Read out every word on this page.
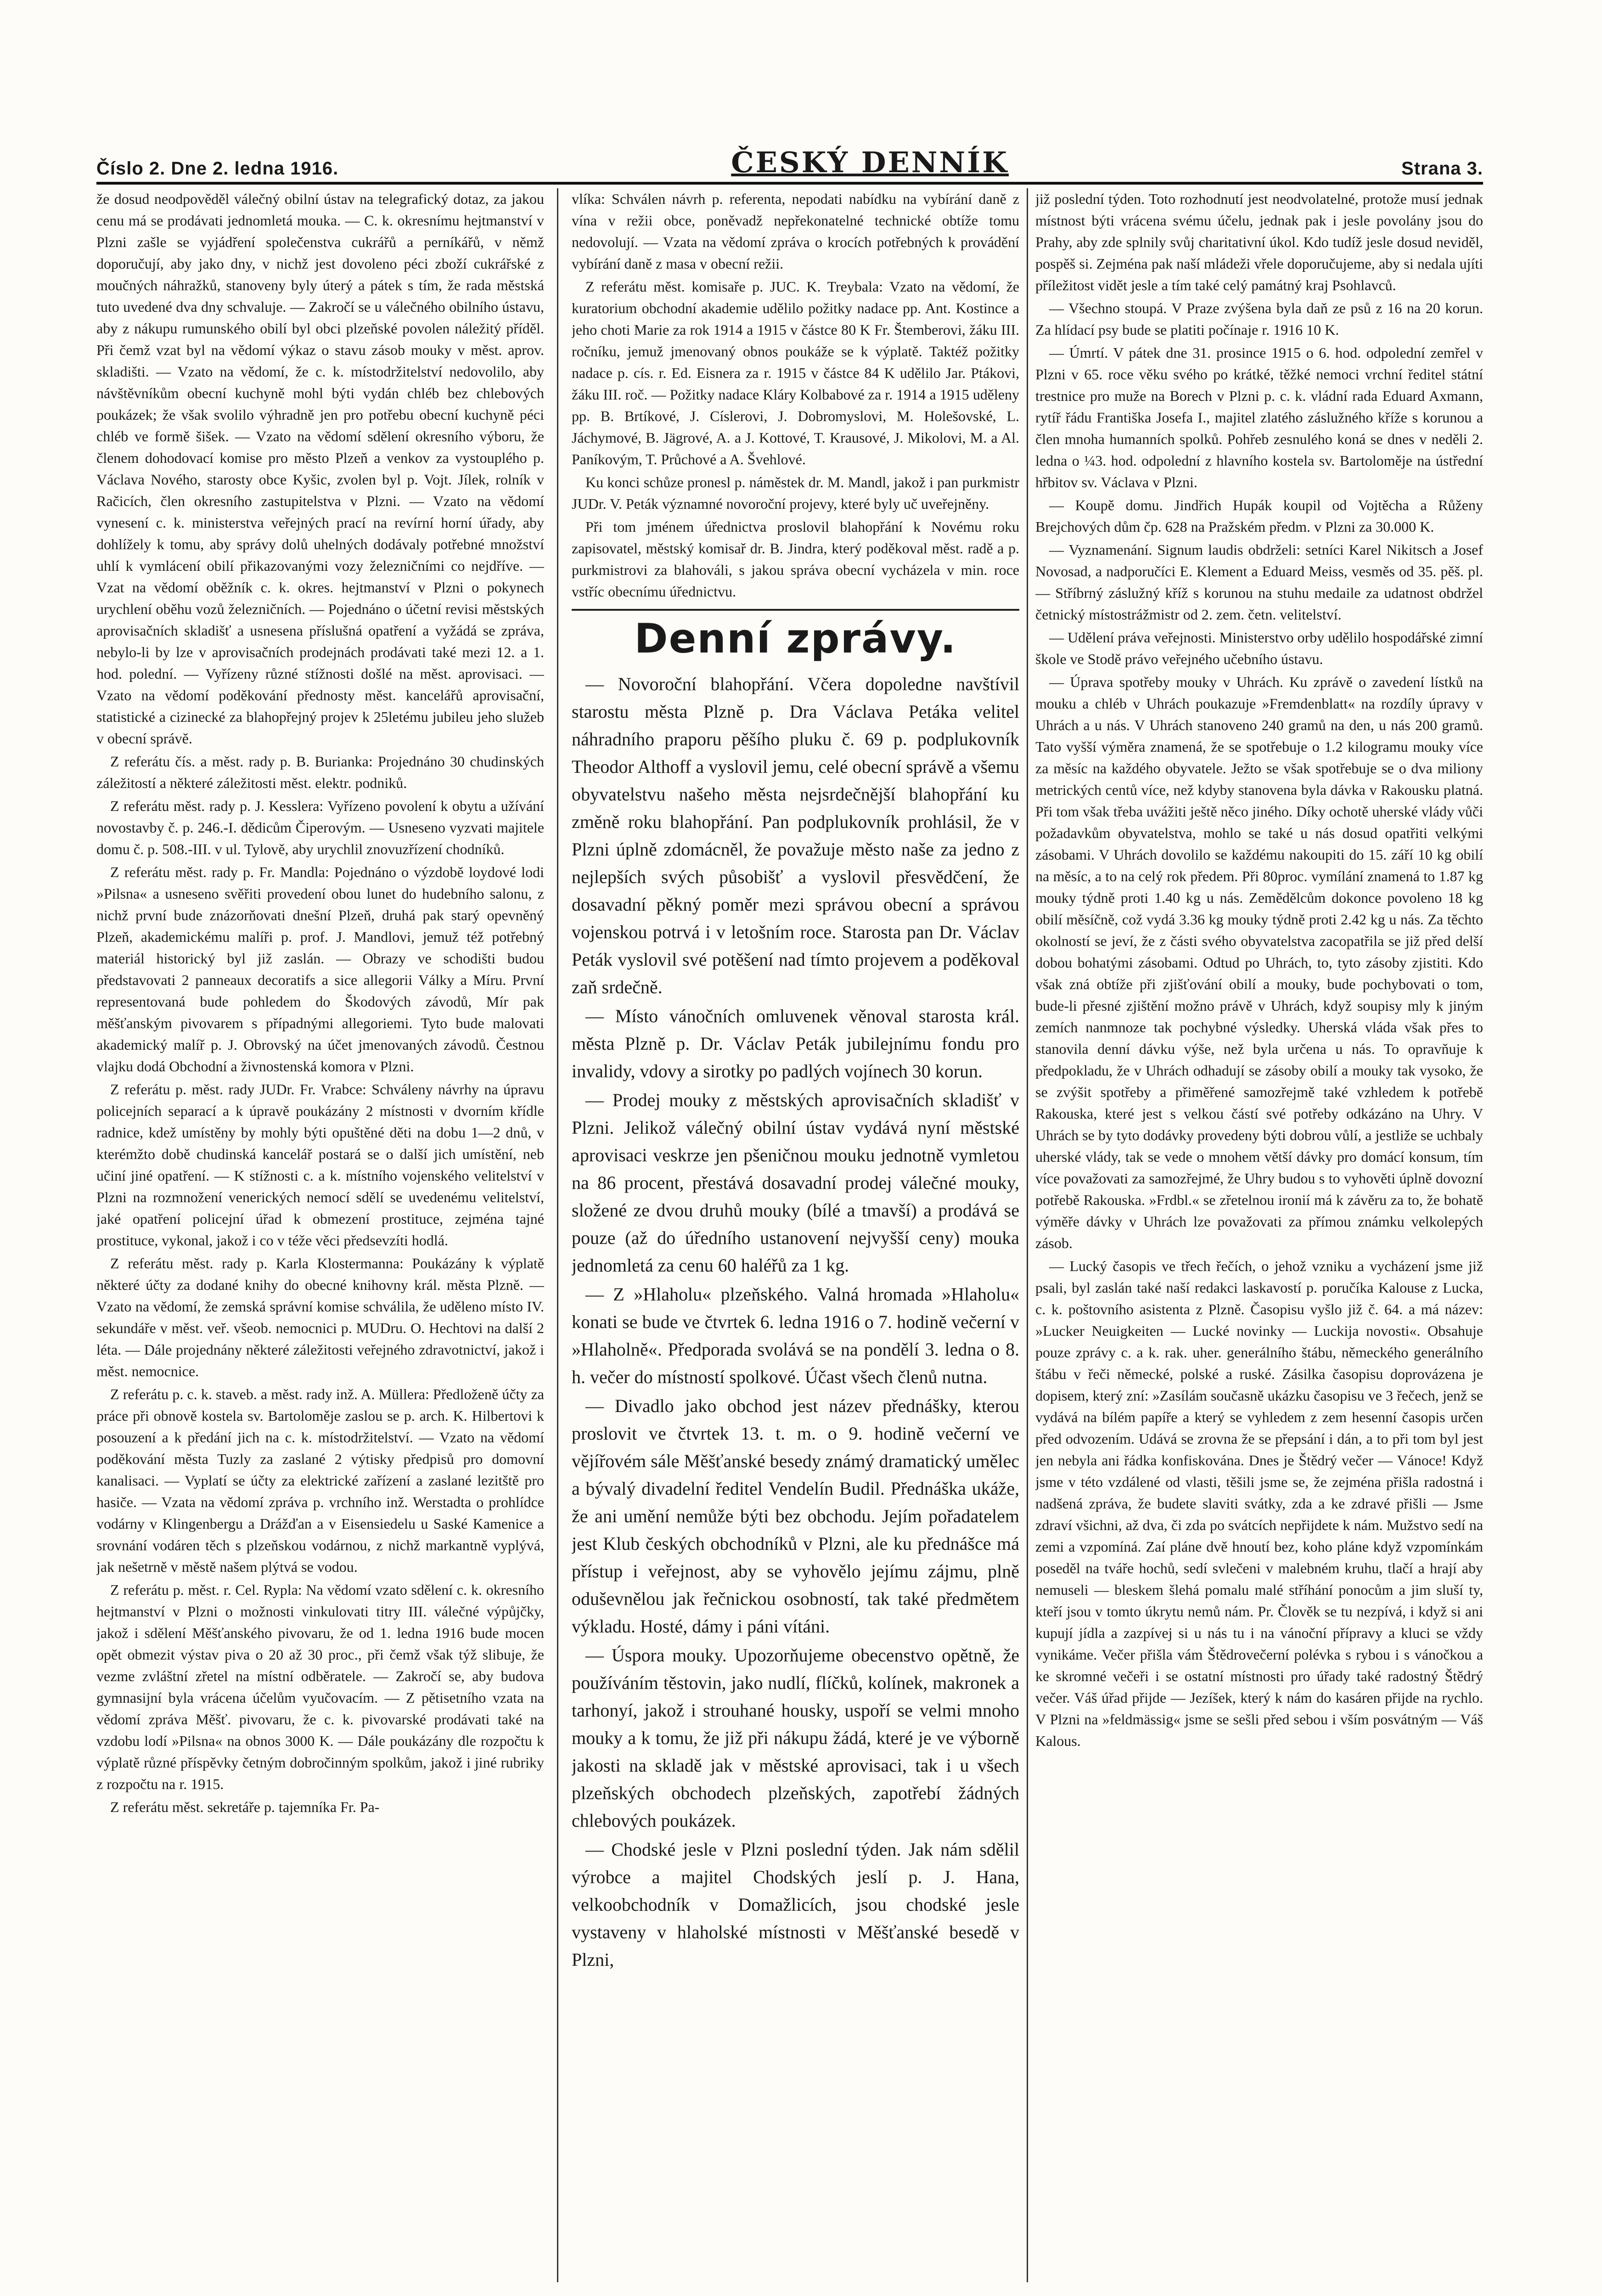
Číslo 2. Dne 2. ledna 1916.	ČESKÝ DENNÍK	Strana 3.

že dosud neodpověděl válečný obilní ústav na telegrafický dotaz, za jakou cenu má se prodávati jednomletá mouka. — C. k. okresnímu hejtmanství v Plzni zašle se vyjádření společenstva cukrářů a perníkářů, v němž doporučují, aby jako dny, v nichž jest dovoleno péci zboží cukrářské z moučných náhražků, stanoveny byly úterý a pátek s tím, že rada městská tuto uvedené dva dny schvaluje. — Zakročí se u válečného obilního ústavu, aby z nákupu rumunského obilí byl obci plzeňské povolen náležitý příděl. Při čemž vzat byl na vědomí výkaz o stavu zásob mouky v měst. aprov. skladišti. — Vzato na vědomí, že c. k. místodržitelství nedovolilo, aby návštěvníkům obecní kuchyně mohl býti vydán chléb bez chlebových poukázek; že však svolilo výhradně jen pro potřebu obecní kuchyně péci chléb ve formě šišek. — Vzato na vědomí sdělení okresního výboru, že členem dohodovací komise pro město Plzeň a venkov za vystouplého p. Václava Nového, starosty obce Kyšic, zvolen byl p. Vojt. Jílek, rolník v Račicích, člen okresního zastupitelstva v Plzni. — Vzato na vědomí vynesení c. k. ministerstva veřejných prací na revírní horní úřady, aby dohlížely k tomu, aby správy dolů uhelných dodávaly potřebné množství uhlí k vymlácení obilí přikazovanými vozy železničními co nejdříve. — Vzat na vědomí oběžník c. k. okres. hejtmanství v Plzni o pokynech urychlení oběhu vozů železničních. — Pojednáno o účetní revisi městských aprovisačních skladišť a usnesena příslušná opatření a vyžádá se zpráva, nebylo-li by lze v aprovisačních prodejnách prodávati také mezi 12. a 1. hod. polední. — Vyřízeny různé stížnosti došlé na měst. aprovisaci. — Vzato na vědomí poděkování přednosty měst. kancelářů aprovisační, statistické a cizinecké za blahopřejný projev k 25letému jubileu jeho služeb v obecní správě.

Z referátu čís. a měst. rady p. B. Burianka: Projednáno 30 chudinských záležitostí a některé záležitosti měst. elektr. podniků.

Z referátu měst. rady p. J. Kesslera: Vyřízeno povolení k obytu a užívání novostavby č. p. 246.-I. dědicům Čiperovým. — Usneseno vyzvati majitele domu č. p. 508.-III. v ul. Tylově, aby urychlil znovuzřízení chodníků.

Z referátu měst. rady p. Fr. Mandla: Pojednáno o výzdobě loydové lodi »Pilsna« a usneseno svěřiti provedení obou lunet do hudebního salonu, z nichž první bude znázorňovati dnešní Plzeň, druhá pak starý opevněný Plzeň, akademickému malíři p. prof. J. Mandlovi, jemuž též potřebný materiál historický byl již zaslán. — Obrazy ve schodišti budou představovati 2 panneaux decoratifs a sice allegorii Války a Míru. První representovaná bude pohledem do Škodových závodů, Mír pak měšťanským pivovarem s případnými allegoriemi. Tyto bude malovati akademický malíř p. J. Obrovský na účet jmenovaných závodů. Čestnou vlajku dodá Obchodní a živnostenská komora v Plzni.

Z referátu p. měst. rady JUDr. Fr. Vrabce: Schváleny návrhy na úpravu policejních separací a k úpravě poukázány 2 místnosti v dvorním křídle radnice, kdež umístěny by mohly býti opuštěné děti na dobu 1—2 dnů, v kterémžto době chudinská kancelář postará se o další jich umístění, neb učiní jiné opatření. — K stížnosti c. a k. místního vojenského velitelství v Plzni na rozmnožení venerických nemocí sdělí se uvedenému velitelství, jaké opatření policejní úřad k obmezení prostituce, zejména tajné prostituce, vykonal, jakož i co v téže věci předsevzíti hodlá.

Z referátu měst. rady p. Karla Klostermanna: Poukázány k výplatě některé účty za dodané knihy do obecné knihovny král. města Plzně. — Vzato na vědomí, že zemská správní komise schválila, že uděleno místo IV. sekundáře v měst. veř. všeob. nemocnici p. MUDru. O. Hechtovi na další 2 léta. — Dále projednány některé záležitosti veřejného zdravotnictví, jakož i měst. nemocnice.

Z referátu p. c. k. staveb. a měst. rady inž. A. Müllera: Předloženě účty za práce při obnově kostela sv. Bartoloměje zaslou se p. arch. K. Hilbertovi k posouzení a k předání jich na c. k. místodržitelství. — Vzato na vědomí poděkování města Tuzly za zaslané 2 výtisky předpisů pro domovní kanalisaci. — Vyplatí se účty za elektrické zařízení a zaslané lezitště pro hasiče. — Vzata na vědomí zpráva p. vrchního inž. Werstadta o prohlídce vodárny v Klingenbergu a Drážďan a v Eisensiedelu u Saské Kamenice a srovnání vodáren těch s plzeňskou vodárnou, z nichž markantně vyplývá, jak nešetrně v městě našem plýtvá se vodou.

Z referátu p. měst. r. Cel. Rypla: Na vědomí vzato sdělení c. k. okresního hejtmanství v Plzni o možnosti vinkulovati titry III. válečné výpůjčky, jakož i sdělení Měšťanského pivovaru, že od 1. ledna 1916 bude mocen opět obmezit výstav piva o 20 až 30 proc., při čemž však týž slibuje, že vezme zvláštní zřetel na místní odběratele. — Zakročí se, aby budova gymnasijní byla vrácena účelům vyučovacím. — Z pětisetního vzata na vědomí zpráva Měšť. pivovaru, že c. k. pivovarské prodávati také na vzdobu lodí »Pilsna« na obnos 3000 K. — Dále poukázány dle rozpočtu k výplatě různé příspěvky četným dobročinným spolkům, jakož i jiné rubriky z rozpočtu na r. 1915.

Z referátu měst. sekretáře p. tajemníka Fr. Pa-

vlíka: Schválen návrh p. referenta, nepodati nabídku na vybírání daně z vína v režii obce, poněvadž nepřekonatelné technické obtíže tomu nedovolují. — Vzata na vědomí zpráva o krocích potřebných k provádění vybírání daně z masa v obecní režii.

Z referátu měst. komisaře p. JUC. K. Treybala: Vzato na vědomí, že kuratorium obchodní akademie udělilo požitky nadace pp. Ant. Kostince a jeho choti Marie za rok 1914 a 1915 v částce 80 K Fr. Štemberovi, žáku III. ročníku, jemuž jmenovaný obnos poukáže se k výplatě. Taktéž požitky nadace p. cís. r. Ed. Eisnera za r. 1915 v částce 84 K udělilo Jar. Ptákovi, žáku III. roč. — Požitky nadace Kláry Kolbabové za r. 1914 a 1915 uděleny pp. B. Brtíkové, J. Císlerovi, J. Dobromyslovi, M. Holešovské, L. Jáchymové, B. Jägrové, A. a J. Kottové, T. Krausové, J. Mikolovi, M. a Al. Paníkovým, T. Průchové a A. Švehlové.

Ku konci schůze pronesl p. náměstek dr. M. Mandl, jakož i pan purkmistr JUDr. V. Peták významné novoroční projevy, které byly uč uveřejněny.

Při tom jménem úřednictva proslovil blahopřání k Novému roku zapisovatel, městský komisař dr. B. Jindra, který poděkoval měst. radě a p. purkmistrovi za blahováli, s jakou správa obecní vycházela v min. roce vstříc obecnímu úřednictvu.

Denní zprávy.

— Novoroční blahopřání. Včera dopoledne navštívil starostu města Plzně p. Dra Václava Petáka velitel náhradního praporu pěšího pluku č. 69 p. podplukovník Theodor Althoff a vyslovil jemu, celé obecní správě a všemu obyvatelstvu našeho města nejsrdečnější blahopřání ku změně roku blahopřání. Pan podplukovník prohlásil, že v Plzni úplně zdomácněl, že považuje město naše za jedno z nejlepších svých působišť a vyslovil přesvědčení, že dosavadní pěkný poměr mezi správou obecní a správou vojenskou potrvá i v letošním roce. Starosta pan Dr. Václav Peták vyslovil své potěšení nad tímto projevem a poděkoval zaň srdečně.

— Místo vánočních omluvenek věnoval starosta král. města Plzně p. Dr. Václav Peták jubilejnímu fondu pro invalidy, vdovy a sirotky po padlých vojínech 30 korun.

— Prodej mouky z městských aprovisačních skladišť v Plzni. Jelikož válečný obilní ústav vydává nyní městské aprovisaci veskrze jen pšeničnou mouku jednotně vymletou na 86 procent, přestává dosavadní prodej válečné mouky, složené ze dvou druhů mouky (bílé a tmavší) a prodává se pouze (až do úředního ustanovení nejvyšší ceny) mouka jednomletá za cenu 60 haléřů za 1 kg.

— Z »Hlaholu« plzeňského. Valná hromada »Hlaholu« konati se bude ve čtvrtek 6. ledna 1916 o 7. hodině večerní v »Hlaholně«. Předporada svolává se na pondělí 3. ledna o 8. h. večer do místností spolkové. Účast všech členů nutna.

— Divadlo jako obchod jest název přednášky, kterou proslovit ve čtvrtek 13. t. m. o 9. hodině večerní ve vějířovém sále Měšťanské besedy známý dramatický umělec a bývalý divadelní ředitel Vendelín Budil. Přednáška ukáže, že ani umění nemůže býti bez obchodu. Jejím pořadatelem jest Klub českých obchodníků v Plzni, ale ku přednášce má přístup i veřejnost, aby se vyhovělo jejímu zájmu, plně oduševnělou jak řečnickou osobností, tak také předmětem výkladu. Hosté, dámy i páni vítáni.

— Úspora mouky. Upozorňujeme obecenstvo opětně, že používáním těstovin, jako nudlí, flíčků, kolínek, makronek a tarhonyí, jakož i strouhané housky, uspoří se velmi mnoho mouky a k tomu, že již při nákupu žádá, které je ve výborně jakosti na skladě jak v městské aprovisaci, tak i u všech plzeňských obchodech plzeňských, zapotřebí žádných chlebových poukázek.

— Chodské jesle v Plzni poslední týden. Jak nám sdělil výrobce a majitel Chodských jeslí p. J. Hana, velkoobchodník v Domažlicích, jsou chodské jesle vystaveny v hlaholské místnosti v Měšťanské besedě v Plzni,

již poslední týden. Toto rozhodnutí jest neodvolatelné, protože musí jednak místnost býti vrácena svému účelu, jednak pak i jesle povolány jsou do Prahy, aby zde splnily svůj charitativní úkol. Kdo tudíž jesle dosud neviděl, pospěš si. Zejména pak naší mládeži vřele doporučujeme, aby si nedala ujíti příležitost vidět jesle a tím také celý památný kraj Psohlavců.

— Všechno stoupá. V Praze zvýšena byla daň ze psů z 16 na 20 korun. Za hlídací psy bude se platiti počínaje r. 1916 10 K.

— Úmrtí. V pátek dne 31. prosince 1915 o 6. hod. odpolední zemřel v Plzni v 65. roce věku svého po krátké, těžké nemoci vrchní ředitel státní trestnice pro muže na Borech v Plzni p. c. k. vládní rada Eduard Axmann, rytíř řádu Františka Josefa I., majitel zlatého záslužného kříže s korunou a člen mnoha humanních spolků. Pohřeb zesnulého koná se dnes v neděli 2. ledna o ¼3. hod. odpolední z hlavního kostela sv. Bartoloměje na ústřední hřbitov sv. Václava v Plzni.

— Koupě domu. Jindřich Hupák koupil od Vojtěcha a Růženy Brejchových dům čp. 628 na Pražském předm. v Plzni za 30.000 K.

— Vyznamenání. Signum laudis obdrželi: setníci Karel Nikitsch a Josef Novosad, a nadporučíci E. Klement a Eduard Meiss, vesměs od 35. pěš. pl. — Stříbrný záslužný kříž s korunou na stuhu medaile za udatnost obdržel četnický místostrážmistr od 2. zem. četn. velitelství.

— Udělení práva veřejnosti. Ministerstvo orby udělilo hospodářské zimní škole ve Stodě právo veřejného učebního ústavu.

— Úprava spotřeby mouky v Uhrách. Ku zprávě o zavedení lístků na mouku a chléb v Uhrách poukazuje »Fremdenblatt« na rozdíly úpravy v Uhrách a u nás. V Uhrách stanoveno 240 gramů na den, u nás 200 gramů. Tato vyšší výměra znamená, že se spotřebuje o 1.2 kilogramu mouky více za měsíc na každého obyvatele. Ježto se však spotřebuje se o dva miliony metrických centů více, než kdyby stanovena byla dávka v Rakousku platná. Při tom však třeba uvážiti ještě něco jiného. Díky ochotě uherské vlády vůči požadavkům obyvatelstva, mohlo se také u nás dosud opatřiti velkými zásobami. V Uhrách dovolilo se každému nakoupiti do 15. září 10 kg obilí na měsíc, a to na celý rok předem. Při 80proc. vymílání znamená to 1.87 kg mouky týdně proti 1.40 kg u nás. Zemědělcům dokonce povoleno 18 kg obilí měsíčně, což vydá 3.36 kg mouky týdně proti 2.42 kg u nás. Za těchto okolností se jeví, že z části svého obyvatelstva zacopatřila se již před delší dobou bohatými zásobami. Odtud po Uhrách, to, tyto zásoby zjistiti. Kdo však zná obtíže při zjišťování obilí a mouky, bude pochybovati o tom, bude-li přesné zjištění možno právě v Uhrách, když soupisy mly k jiným zemích nanmnoze tak pochybné výsledky. Uherská vláda však přes to stanovila denní dávku výše, než byla určena u nás. To opravňuje k předpokladu, že v Uhrách odhadují se zásoby obilí a mouky tak vysoko, že se zvýšit spotřeby a přiměřené samozřejmě také vzhledem k potřebě Rakouska, které jest s velkou částí své potřeby odkázáno na Uhry. V Uhrách se by tyto dodávky provedeny býti dobrou vůlí, a jestliže se uchbaly uherské vlády, tak se vede o mnohem větší dávky pro domácí konsum, tím více považovati za samozřejmé, že Uhry budou s to vyhověti úplně dovozní potřebě Rakouska. »Frdbl.« se zřetelnou ironií má k závěru za to, že bohatě výměře dávky v Uhrách lze považovati za přímou známku velkolepých zásob.

— Lucký časopis ve třech řečích, o jehož vzniku a vycházení jsme již psali, byl zaslán také naší redakci laskavostí p. poručíka Kalouse z Lucka, c. k. poštovního asistenta z Plzně. Časopisu vyšlo již č. 64. a má název: »Lucker Neuigkeiten — Lucké novinky — Luckija novosti«. Obsahuje pouze zprávy c. a k. rak. uher. generálního štábu, německého generálního štábu v řeči německé, polské a ruské. Zásilka časopisu doprovázena je dopisem, který zní: »Zasílám současně ukázku časopisu ve 3 řečech, jenž se vydává na bílém papíře a který se vyhledem z zem hesenní časopis určen před odvozením. Udává se zrovna že se přepsání i dán, a to při tom byl jest jen nebyla ani řádka konfiskována. Dnes je Štědrý večer — Vánoce! Když jsme v této vzdálené od vlasti, těšili jsme se, že zejména přišla radostná i nadšená zpráva, že budete slaviti svátky, zda a ke zdravé přišli — Jsme zdraví všichni, až dva, či zda po svátcích nepřijdete k nám. Mužstvo sedí na zemi a vzpomíná. Zaí pláne dvě hnoutí bez, koho pláne když vzpomínkám poseděl na tváře hochů, sedí svlečeni v malebném kruhu, tlačí a hrají aby nemuseli — bleskem šlehá pomalu malé stříhání ponocům a jim sluší ty, kteří jsou v tomto úkrytu nemů nám. Pr. Člověk se tu nezpívá, i když si ani kupují jídla a zazpívej si u nás tu i na vánoční přípravy a kluci se vždy vynikáme. Večer přišla vám Štědrovečerní polévka s rybou i s vánočkou a ke skromné večeři i se ostatní místnosti pro úřady také radostný Štědrý večer. Váš úřad přijde — Jezíšek, který k nám do kasáren přijde na rychlo. V Plzni na »feldmässig« jsme se sešli před sebou i vším posvátným — Váš Kalous.
